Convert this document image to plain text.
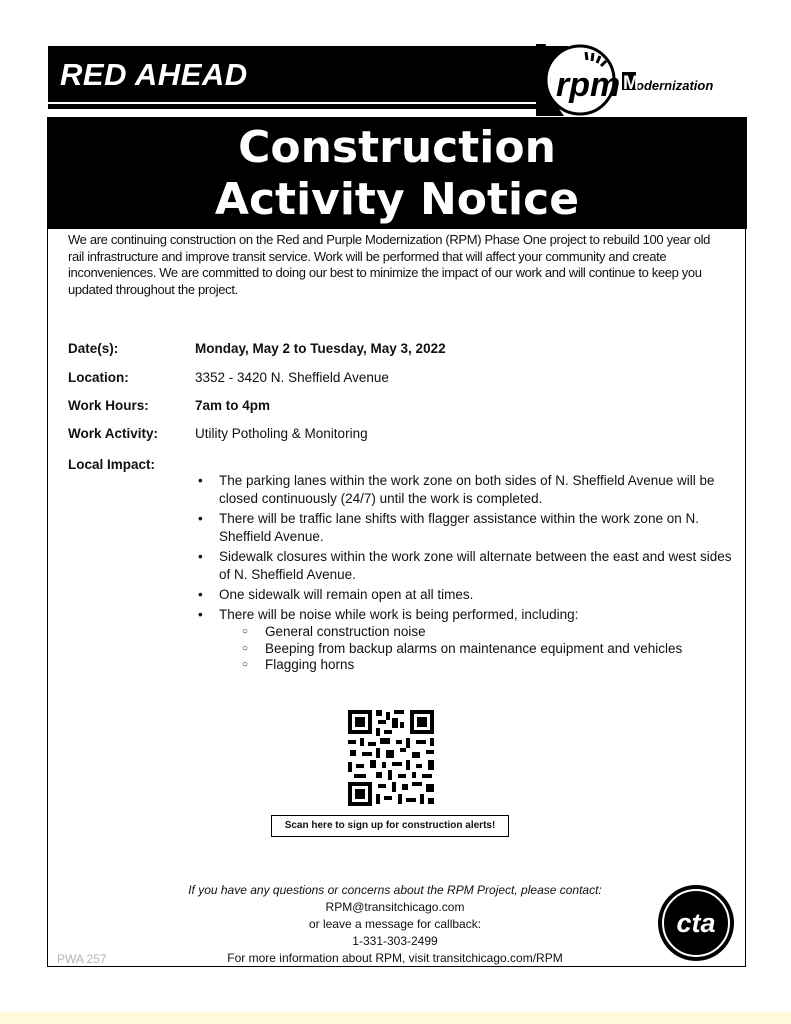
RED AHEAD	rpm odernization
M
Construction
Activity Notice

We are continuing construction on the Red and Purple Modernization (RPM) Phase One project to rebuild 100 year old rail infrastructure and improve transit service. Work will be performed that will affect your community and create inconveniences. We are committed to doing our best to minimize the impact of our work and will continue to keep you updated throughout the project.

Date(s):	Monday, May 2 to Tuesday, May 3, 2022
Location:	3352 - 3420 N. Sheffield Avenue
Work Hours:	7am to 4pm
Work Activity:	Utility Potholing & Monitoring
Local Impact:
• The parking lanes within the work zone on both sides of N. Sheffield Avenue will be closed continuously (24/7) until the work is completed.
• There will be traffic lane shifts with flagger assistance within the work zone on N. Sheffield Avenue.
• Sidewalk closures within the work zone will alternate between the east and west sides of N. Sheffield Avenue.
• One sidewalk will remain open at all times.
• There will be noise while work is being performed, including:
○ General construction noise
○ Beeping from backup alarms on maintenance equipment and vehicles
○ Flagging horns
Scan here to sign up for construction alerts!
If you have any questions or concerns about the RPM Project, please contact:
RPM@transitchicago.com
or leave a message for callback:
1-331-303-2499
For more information about RPM, visit transitchicago.com/RPM
PWA 257
cta
